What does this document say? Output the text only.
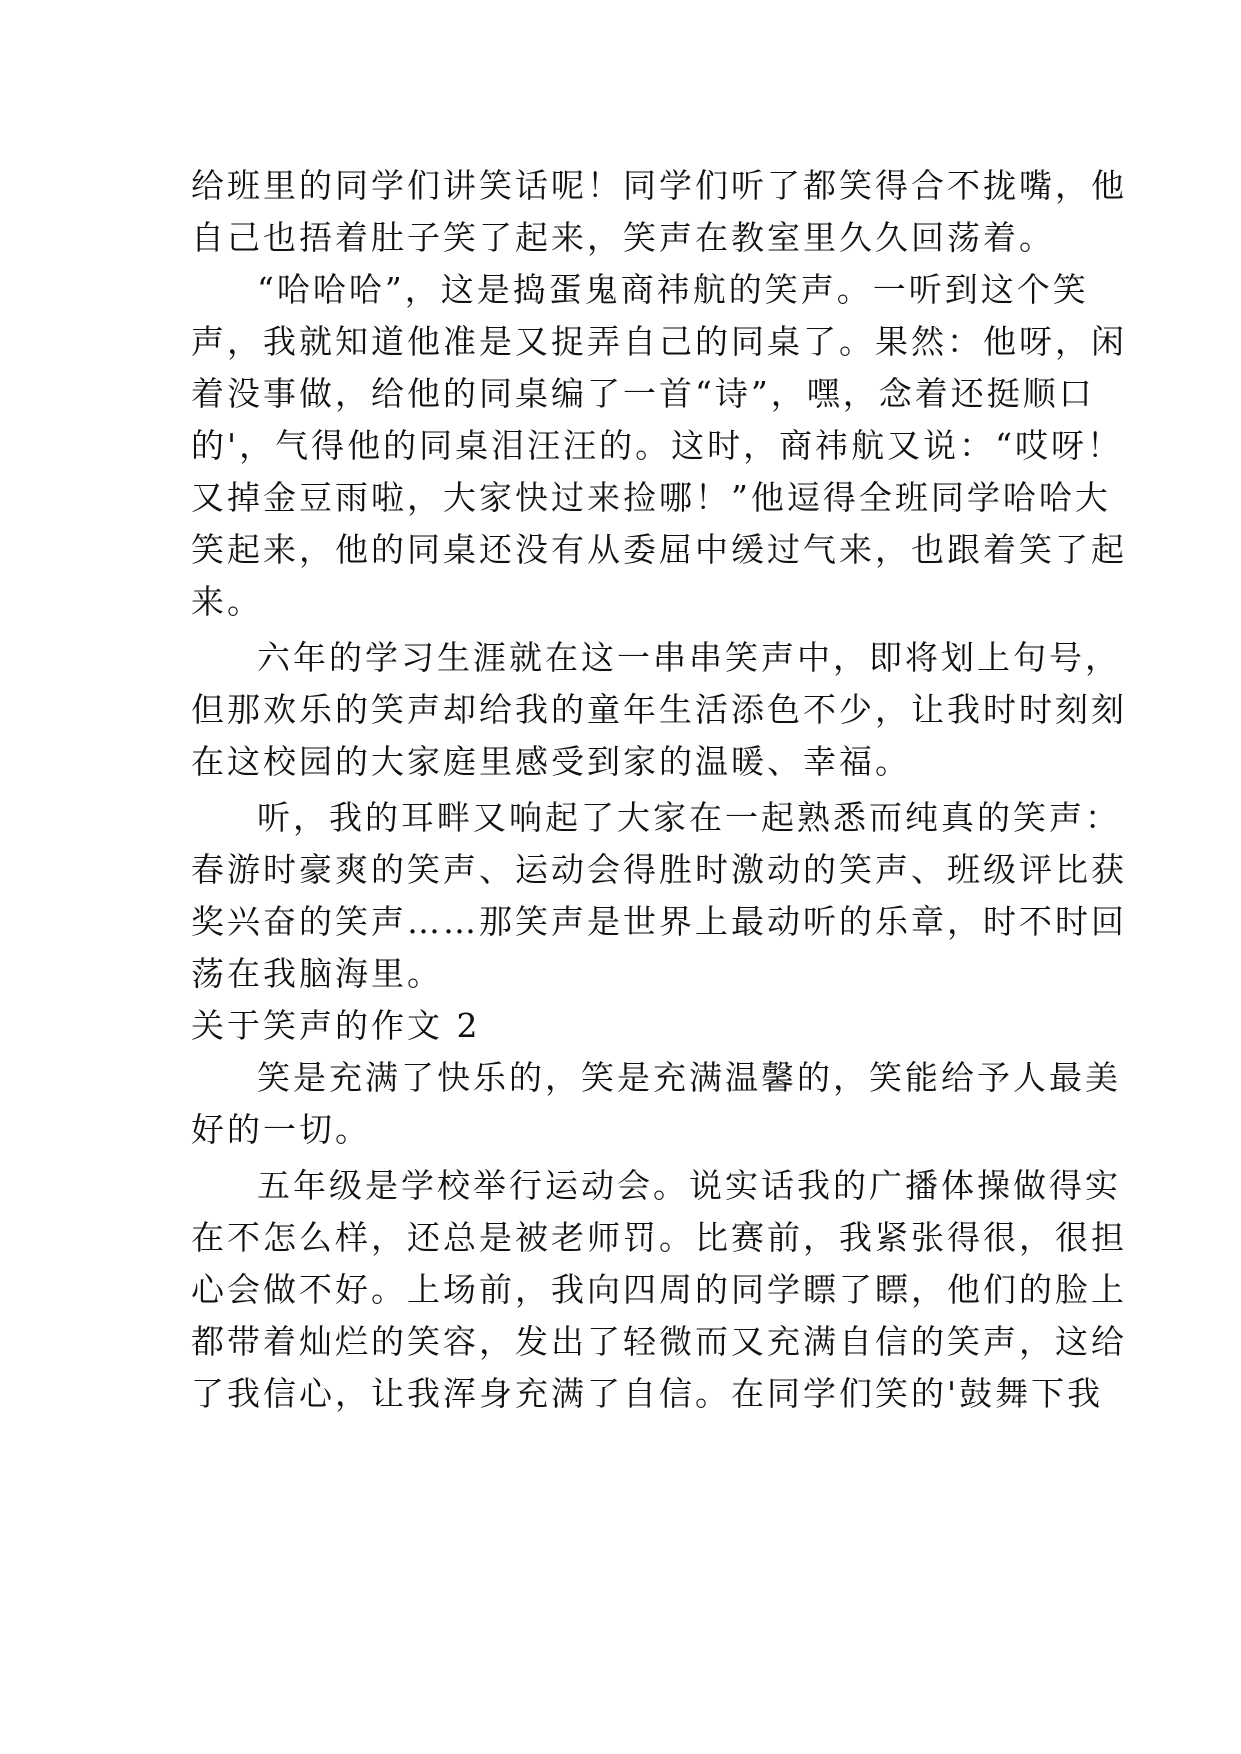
给班里的同学们讲笑话呢！同学们听了都笑得合不拢嘴，他
自己也捂着肚子笑了起来，笑声在教室里久久回荡着。
“哈哈哈”，这是捣蛋鬼商祎航的笑声。一听到这个笑
声，我就知道他准是又捉弄自己的同桌了。果然：他呀，闲
着没事做，给他的同桌编了一首“诗”，嘿，念着还挺顺口
的'，气得他的同桌泪汪汪的。这时，商祎航又说：“哎呀！
又掉金豆雨啦，大家快过来捡哪！”他逗得全班同学哈哈大
笑起来，他的同桌还没有从委屈中缓过气来，也跟着笑了起
来。
六年的学习生涯就在这一串串笑声中，即将划上句号，
但那欢乐的笑声却给我的童年生活添色不少，让我时时刻刻
在这校园的大家庭里感受到家的温暖、幸福。
听，我的耳畔又响起了大家在一起熟悉而纯真的笑声：
春游时豪爽的笑声、运动会得胜时激动的笑声、班级评比获
奖兴奋的笑声……那笑声是世界上最动听的乐章，时不时回
荡在我脑海里。
关于笑声的作文 2
笑是充满了快乐的，笑是充满温馨的，笑能给予人最美
好的一切。
五年级是学校举行运动会。说实话我的广播体操做得实
在不怎么样，还总是被老师罚。比赛前，我紧张得很，很担
心会做不好。上场前，我向四周的同学瞟了瞟，他们的脸上
都带着灿烂的笑容，发出了轻微而又充满自信的笑声，这给
了我信心，让我浑身充满了自信。在同学们笑的'鼓舞下我
